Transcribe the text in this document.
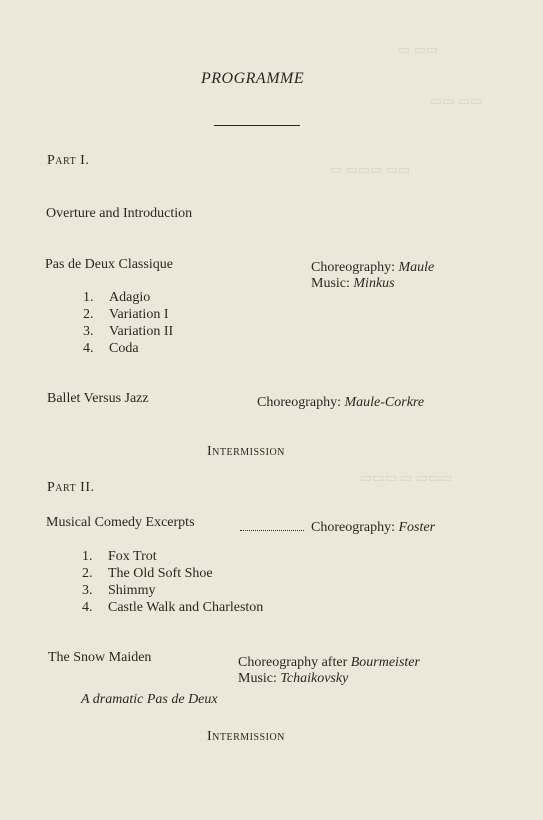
▭ ▭▭
▭▭ ▭▭
▭ ▭▭▭ ▭▭
▭▭▭ ▭ ▭▭▭
PROGRAMME
Part I.
Overture and Introduction
Pas de Deux Classique	Choreography: Maule
Music: Minkus
1. Adagio
2. Variation I
3. Variation II
4. Coda
Ballet Versus Jazz	Choreography: Maule-Corkre
Intermission
Part II.
Musical Comedy Excerpts	Choreography: Foster
1. Fox Trot
2. The Old Soft Shoe
3. Shimmy
4. Castle Walk and Charleston
The Snow Maiden	Choreography after Bourmeister
Music: Tchaikovsky
A dramatic Pas de Deux
Intermission
